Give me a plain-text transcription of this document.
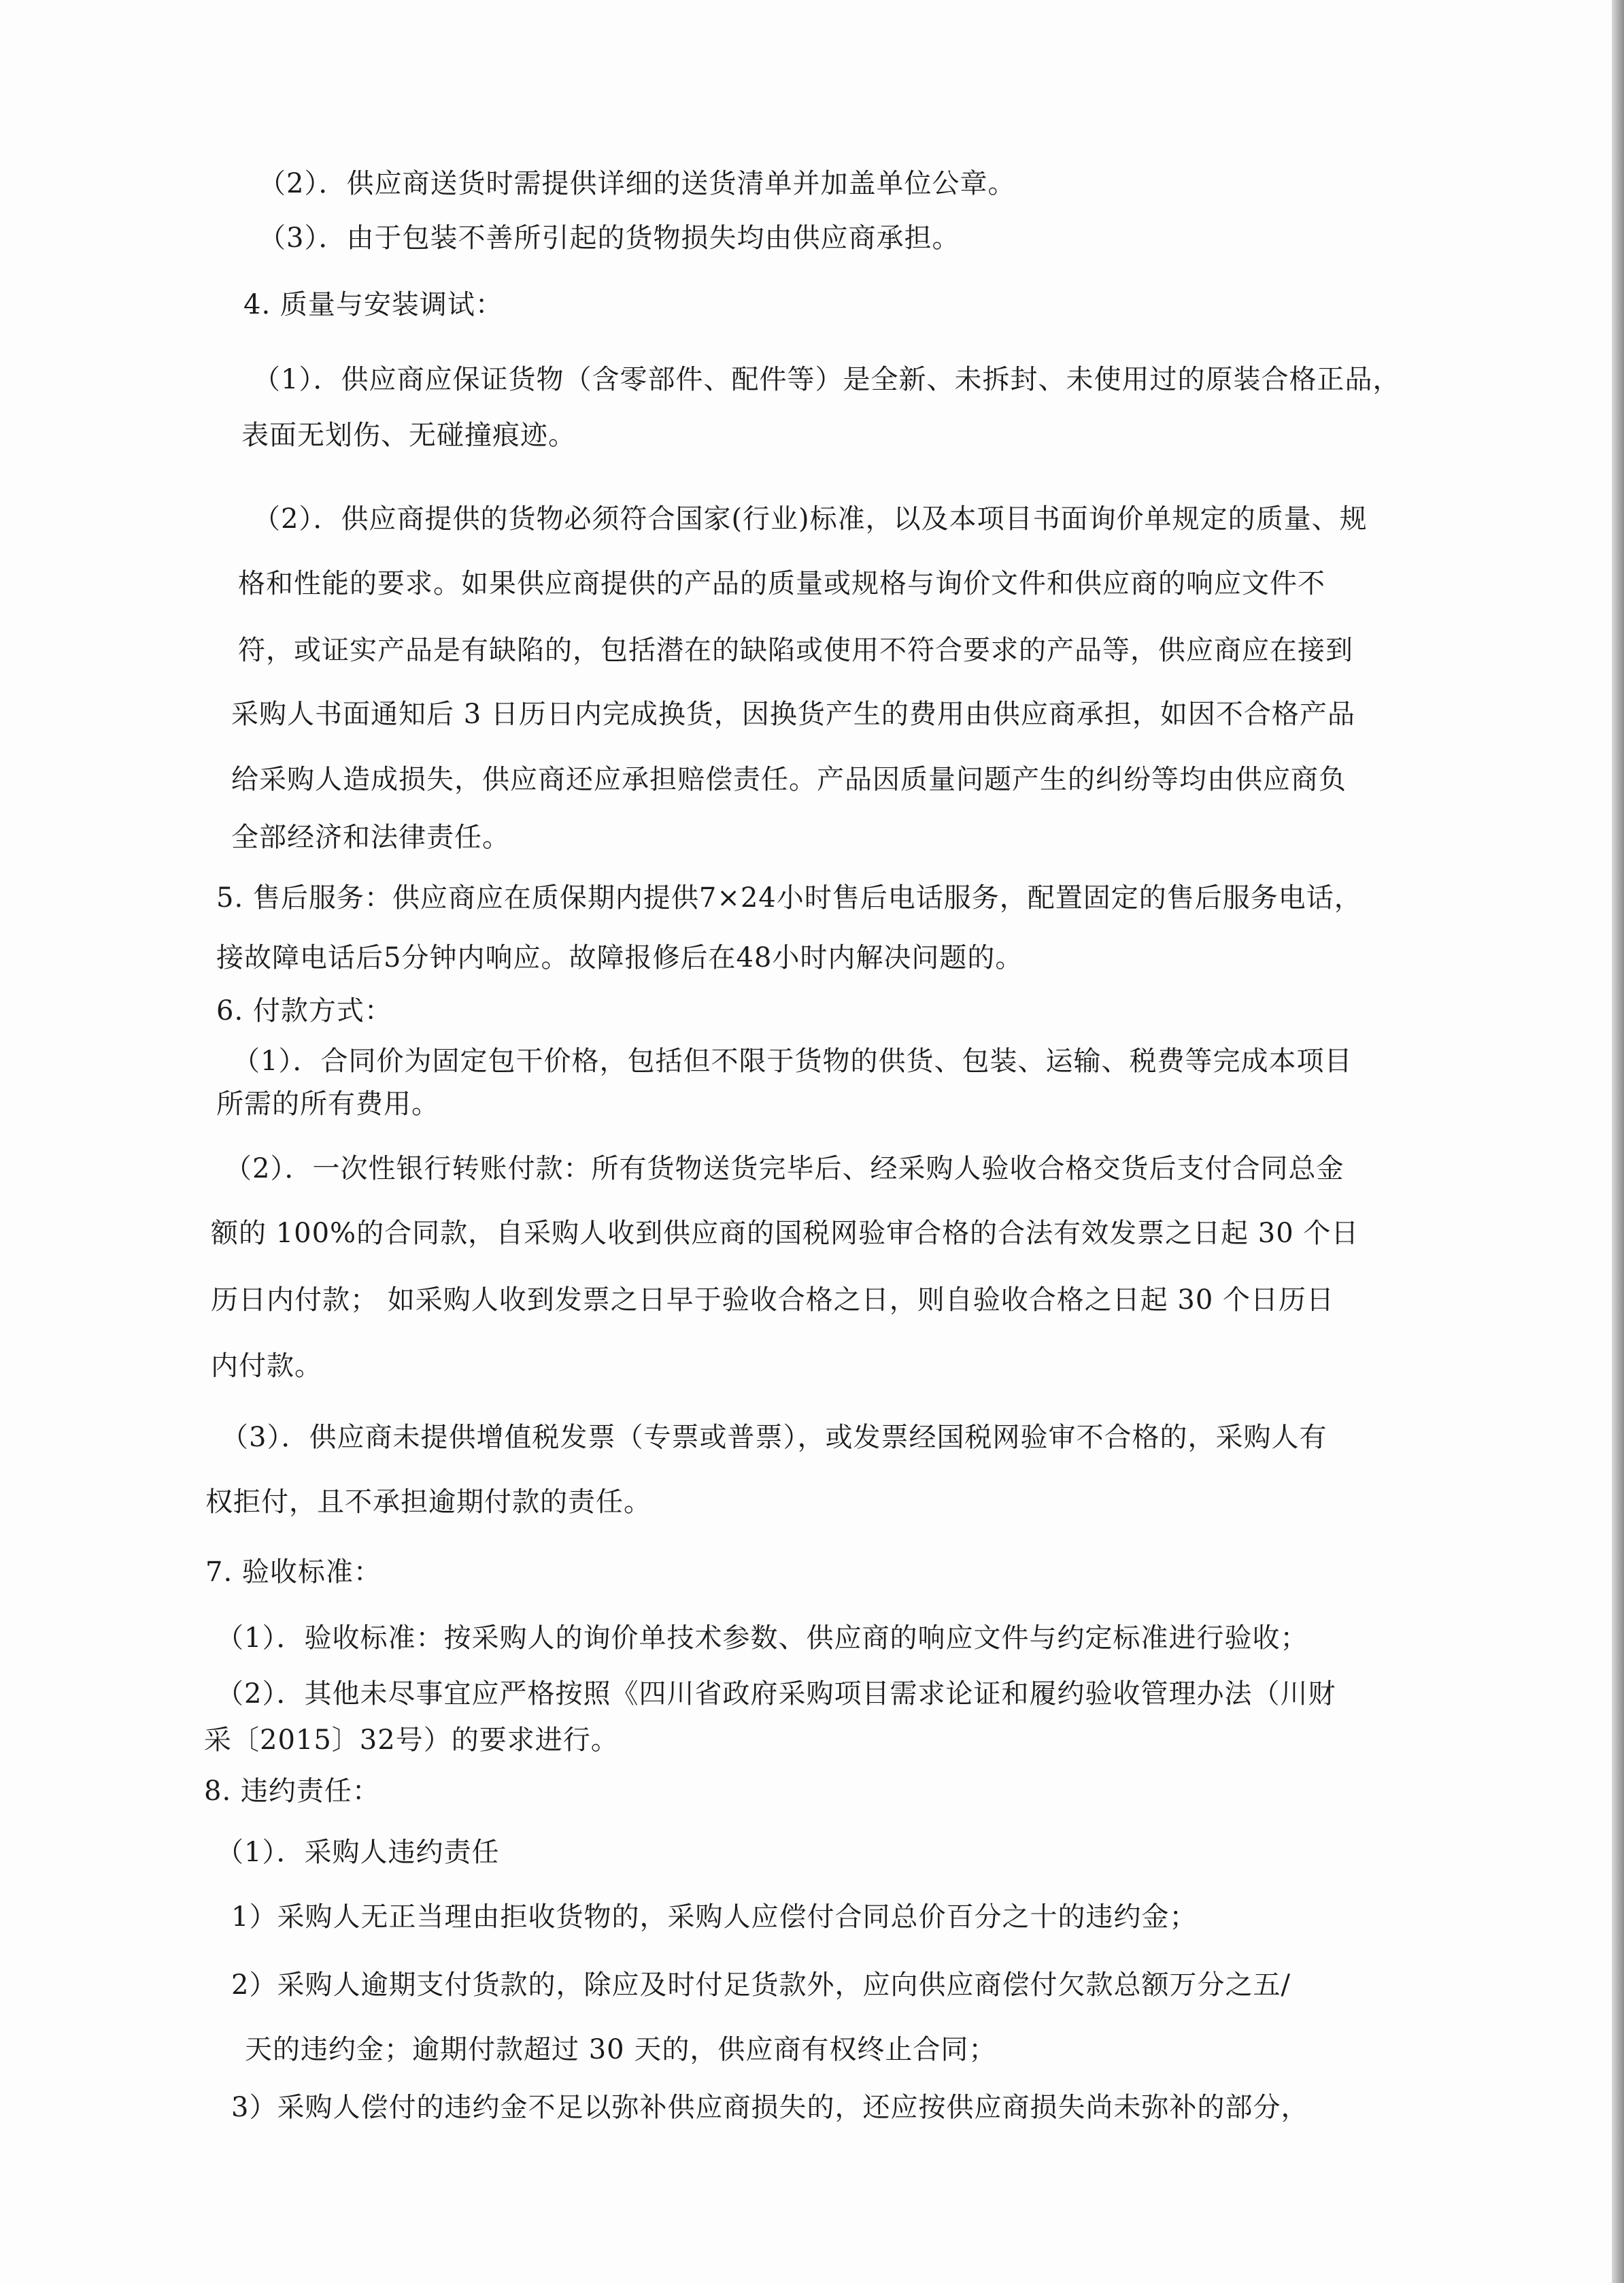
（2）．供应商送货时需提供详细的送货清单并加盖单位公章。
（3）．由于包装不善所引起的货物损失均由供应商承担。
4. 质量与安装调试：
（1）．供应商应保证货物（含零部件、配件等）是全新、未拆封、未使用过的原装合格正品，
表面无划伤、无碰撞痕迹。
（2）．供应商提供的货物必须符合国家(行业)标准，以及本项目书面询价单规定的质量、规
格和性能的要求。如果供应商提供的产品的质量或规格与询价文件和供应商的响应文件不
符，或证实产品是有缺陷的，包括潜在的缺陷或使用不符合要求的产品等，供应商应在接到
采购人书面通知后 3 日历日内完成换货，因换货产生的费用由供应商承担，如因不合格产品
给采购人造成损失，供应商还应承担赔偿责任。产品因质量问题产生的纠纷等均由供应商负
全部经济和法律责任。
5. 售后服务：供应商应在质保期内提供7×24小时售后电话服务，配置固定的售后服务电话，
接故障电话后5分钟内响应。故障报修后在48小时内解决问题的。
6. 付款方式：
（1）．合同价为固定包干价格，包括但不限于货物的供货、包装、运输、税费等完成本项目
所需的所有费用。
（2）．一次性银行转账付款：所有货物送货完毕后、经采购人验收合格交货后支付合同总金
额的 100%的合同款，自采购人收到供应商的国税网验审合格的合法有效发票之日起 30 个日
历日内付款； 如采购人收到发票之日早于验收合格之日，则自验收合格之日起 30 个日历日
内付款。
（3）．供应商未提供增值税发票（专票或普票），或发票经国税网验审不合格的，采购人有
权拒付，且不承担逾期付款的责任。
7. 验收标准：
（1）．验收标准：按采购人的询价单技术参数、供应商的响应文件与约定标准进行验收；
（2）．其他未尽事宜应严格按照《四川省政府采购项目需求论证和履约验收管理办法（川财
采〔2015〕32号）的要求进行。
8. 违约责任：
（1）．采购人违约责任
1）采购人无正当理由拒收货物的，采购人应偿付合同总价百分之十的违约金；
2）采购人逾期支付货款的，除应及时付足货款外，应向供应商偿付欠款总额万分之五/
天的违约金；逾期付款超过 30 天的，供应商有权终止合同；
3）采购人偿付的违约金不足以弥补供应商损失的，还应按供应商损失尚未弥补的部分，
